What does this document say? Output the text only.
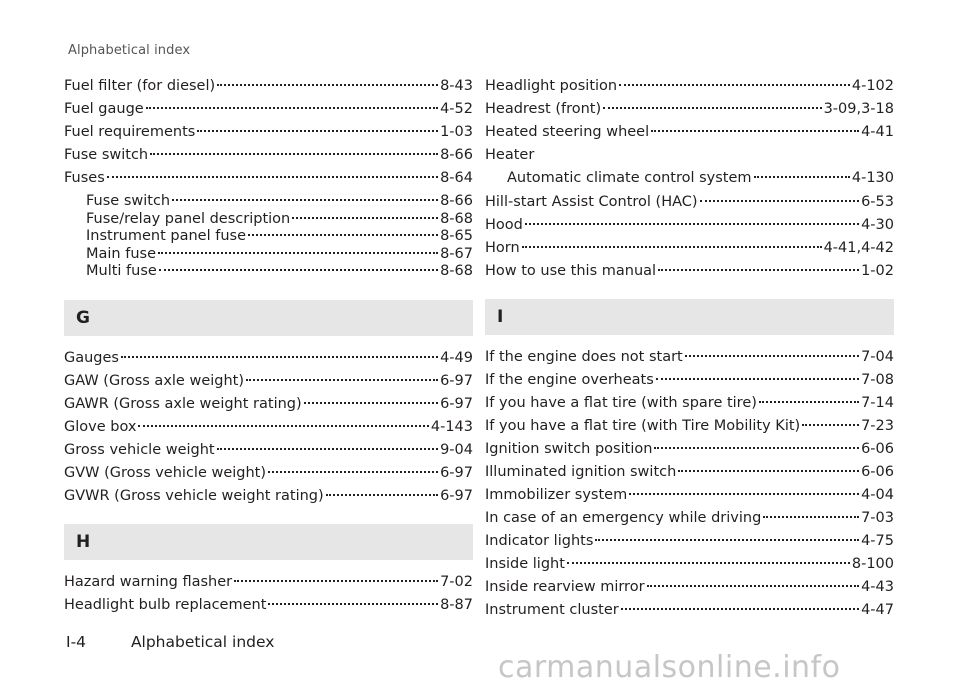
Alphabetical index
Fuel filter (for diesel)	8-43
Fuel gauge	4-52
Fuel requirements	1-03
Fuse switch	8-66
Fuses	8-64
Fuse switch	8-66
Fuse/relay panel description	8-68
Instrument panel fuse	8-65
Main fuse	8-67
Multi fuse	8-68
G
Gauges	4-49
GAW (Gross axle weight)	6-97
GAWR (Gross axle weight rating)	6-97
Glove box	4-143
Gross vehicle weight	9-04
GVW (Gross vehicle weight)	6-97
GVWR (Gross vehicle weight rating)	6-97
H
Hazard warning flasher	7-02
Headlight bulb replacement	8-87
Headlight position	4-102
Headrest (front)	3-09,3-18
Heated steering wheel	4-41
Heater
Automatic climate control system	4-130
Hill-start Assist Control (HAC)	6-53
Hood	4-30
Horn	4-41,4-42
How to use this manual	1-02
I
If the engine does not start	7-04
If the engine overheats	7-08
If you have a flat tire (with spare tire)	7-14
If you have a flat tire (with Tire Mobility Kit)	7-23
Ignition switch position	6-06
Illuminated ignition switch	6-06
Immobilizer system	4-04
In case of an emergency while driving	7-03
Indicator lights	4-75
Inside light	8-100
Inside rearview mirror	4-43
Instrument cluster	4-47
I-4	Alphabetical index
carmanualsonline.info
